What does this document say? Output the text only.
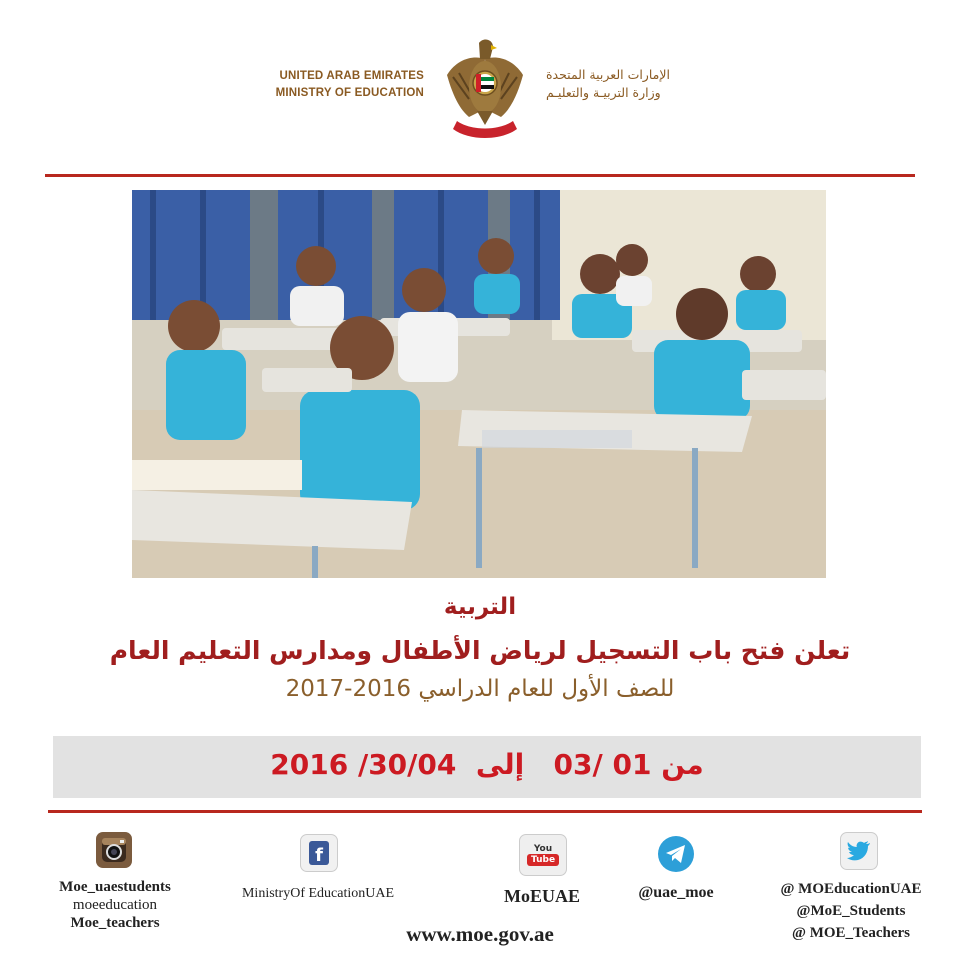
UNITED ARAB EMIRATES
MINISTRY OF EDUCATION
الإمارات العربية المتحدة
وزارة التربيـة والتعليـم
التربية
تعلن فتح باب التسجيل لرياض الأطفال ومدارس التعليم العام
للصف الأول للعام الدراسي 2016-2017
من 01 /03   إلى  30/04/ 2016
Moe_uaestudents
moeeducation
Moe_teachers
f
MinistryOf EducationUAE
You
Tube
MoEUAE	@uae_moe	@ MOEducationUAE
@MoE_Students
@ MOE_Teachers
www.moe.gov.ae
